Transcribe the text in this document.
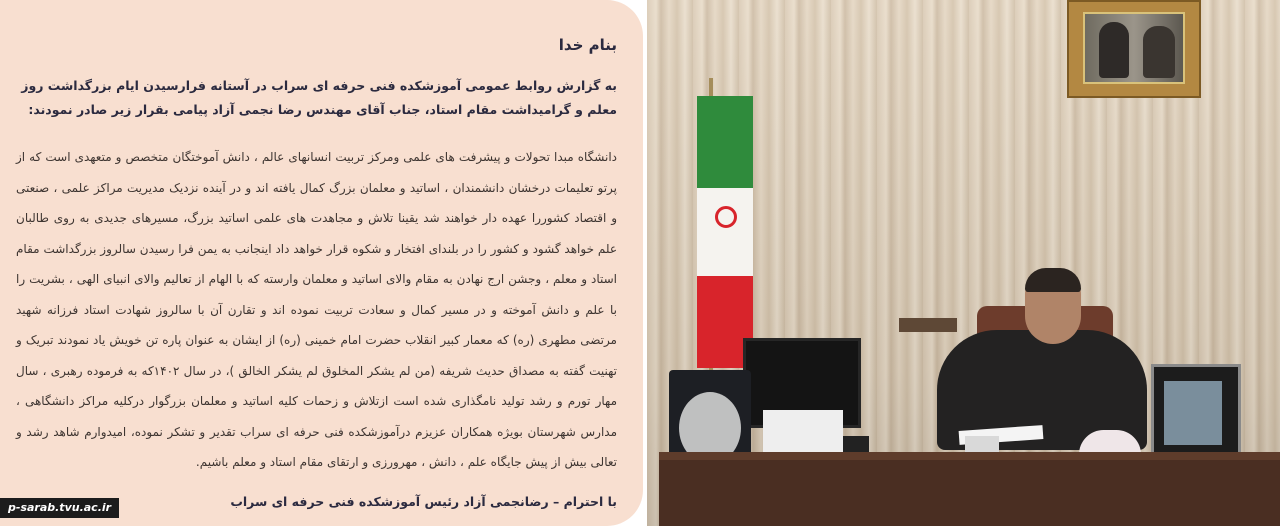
بنام خدا

به گزارش روابط عمومی آموزشکده فنی حرفه ای سراب در آستانه فرارسیدن ایام بزرگداشت روز معلم و گرامیداشت مقام استاد، جناب آقای مهندس رضا نجمی آزاد پیامی بقرار زیر صادر نمودند:

دانشگاه مبدا تحولات و پیشرفت های علمی ومرکز تربیت انسانهای عالم ، دانش آموختگان متخصص و متعهدی است که از پرتو تعلیمات درخشان دانشمندان ، اساتید و معلمان بزرگ کمال یافته اند و در آینده نزدیک مدیریت مراکز علمی ، صنعتی و اقتصاد کشوررا عهده دار خواهند شد یقینا تلاش و مجاهدت های علمی اساتید بزرگ، مسیرهای جدیدی به روی طالبان علم خواهد گشود و کشور را در بلندای افتخار و شکوه قرار خواهد داد اینجانب به یمن فرا رسیدن سالروز بزرگداشت مقام استاد و معلم ، وجشن ارج نهادن به مقام والای اساتید و معلمان وارسته که با الهام از تعالیم والای انبیای الهی ، بشریت را با علم و دانش آموخته و در مسیر کمال و سعادت تربیت نموده اند و تقارن آن با سالروز شهادت استاد فرزانه شهید مرتضی مطهری (ره) که معمار کبیر انقلاب حضرت امام خمینی (ره) از ایشان به عنوان پاره تن خویش یاد نمودند تبریک و تهنیت گفته به مصداق حدیث شریفه (من لم یشکر المخلوق لم یشکر الخالق )، در سال ۱۴۰۲که به فرموده رهبری ، سال مهار تورم و رشد تولید نامگذاری شده است ازتلاش و زحمات کلیه اساتید و معلمان بزرگوار درکلیه مراکز دانشگاهی ، مدارس شهرستان بویژه همکاران عزیزم درآموزشکده فنی حرفه ای سراب تقدیر و تشکر نموده، امیدوارم شاهد رشد و تعالی بیش از پیش جایگاه علم ، دانش ، مهرورزی و ارتقای مقام استاد و معلم باشیم.

با احترام – رضانجمی آزاد رئیس آموزشکده فنی حرفه ای سراب

p-sarab.tvu.ac.ir
